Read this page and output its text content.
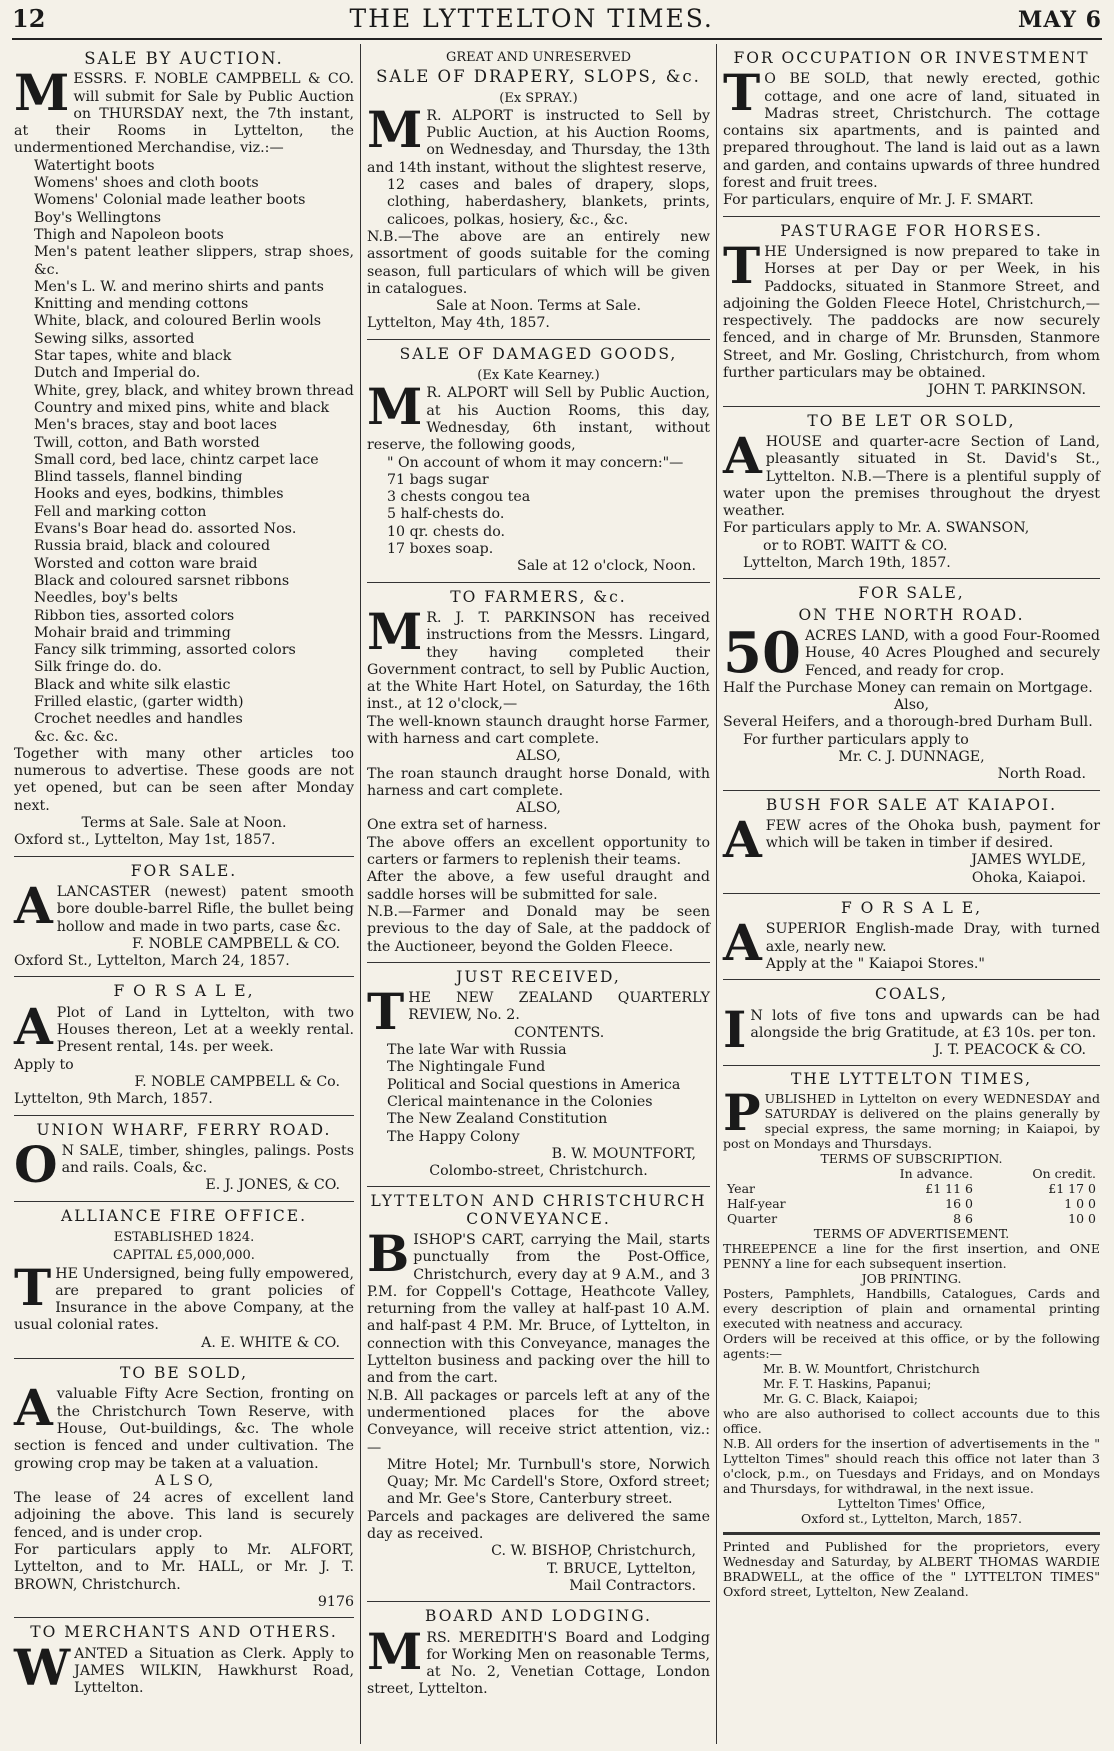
12	THE LYTTELTON TIMES.	MAY 6
SALE BY AUCTION.

MESSRS. F. NOBLE CAMPBELL & CO. will submit for Sale by Public Auction on THURSDAY next, the 7th instant, at their Rooms in Lyttelton, the undermentioned Merchandise, viz.:—

Watertight boots

Womens' shoes and cloth boots

Womens' Colonial made leather boots

Boy's Wellingtons

Thigh and Napoleon boots

Men's patent leather slippers, strap shoes, &c.

Men's L. W. and merino shirts and pants

Knitting and mending cottons

White, black, and coloured Berlin wools

Sewing silks, assorted

Star tapes, white and black

Dutch and Imperial do.

White, grey, black, and whitey brown thread

Country and mixed pins, white and black

Men's braces, stay and boot laces

Twill, cotton, and Bath worsted

Small cord, bed lace, chintz carpet lace

Blind tassels, flannel binding

Hooks and eyes, bodkins, thimbles

Fell and marking cotton

Evans's Boar head do. assorted Nos.

Russia braid, black and coloured

Worsted and cotton ware braid

Black and coloured sarsnet ribbons

Needles, boy's belts

Ribbon ties, assorted colors

Mohair braid and trimming

Fancy silk trimming, assorted colors

Silk fringe do. do.

Black and white silk elastic

Frilled elastic, (garter width)

Crochet needles and handles

&c. &c. &c.

Together with many other articles too numerous to advertise. These goods are not yet opened, but can be seen after Monday next.

Terms at Sale. Sale at Noon.

Oxford st., Lyttelton, May 1st, 1857.

FOR SALE.

ALANCASTER (newest) patent smooth bore double-barrel Rifle, the bullet being hollow and made in two parts, case &c.

F. NOBLE CAMPBELL & CO.

Oxford St., Lyttelton, March 24, 1857.

F O R S A L E,

A Plot of Land in Lyttelton, with two Houses thereon, Let at a weekly rental. Present rental, 14s. per week.

Apply to

F. NOBLE CAMPBELL & Co.

Lyttelton, 9th March, 1857.

UNION WHARF, FERRY ROAD.

O N SALE, timber, shingles, palings. Posts and rails. Coals, &c.

E. J. JONES, & CO.

ALLIANCE FIRE OFFICE.
ESTABLISHED 1824.
CAPITAL £5,000,000.

THE Undersigned, being fully empowered, are prepared to grant policies of Insurance in the above Company, at the usual colonial rates.

A. E. WHITE & CO.

TO BE SOLD,

Avaluable Fifty Acre Section, fronting on the Christchurch Town Reserve, with House, Out-buildings, &c. The whole section is fenced and under cultivation. The growing crop may be taken at a valuation.

A L S O,

The lease of 24 acres of excellent land adjoining the above. This land is securely fenced, and is under crop.

For particulars apply to Mr. ALFORT, Lyttelton, and to Mr. HALL, or Mr. J. T. BROWN, Christchurch.

9176

TO MERCHANTS AND OTHERS.

WANTED a Situation as Clerk. Apply to JAMES WILKIN, Hawkhurst Road, Lyttelton.

GREAT AND UNRESERVED
SALE OF DRAPERY, SLOPS, &c.
(Ex SPRAY.)

M R. ALPORT is instructed to Sell by Public Auction, at his Auction Rooms, on Wednesday, and Thursday, the 13th and 14th instant, without the slightest reserve,

12 cases and bales of drapery, slops, clothing, haberdashery, blankets, prints, calicoes, polkas, hosiery, &c., &c.

N.B.—The above are an entirely new assortment of goods suitable for the coming season, full particulars of which will be given in catalogues.

Sale at Noon. Terms at Sale.

Lyttelton, May 4th, 1857.

SALE OF DAMAGED GOODS,
(Ex Kate Kearney.)

M R. ALPORT will Sell by Public Auction, at his Auction Rooms, this day, Wednesday, 6th instant, without reserve, the following goods,

" On account of whom it may concern:"—

71 bags sugar

3 chests congou tea

5 half-chests do.

10 qr. chests do.

17 boxes soap.

Sale at 12 o'clock, Noon.

TO FARMERS, &c.

M R. J. T. PARKINSON has received instructions from the Messrs. Lingard, they having completed their Government contract, to sell by Public Auction, at the White Hart Hotel, on Saturday, the 16th inst., at 12 o'clock,—

The well-known staunch draught horse Farmer, with harness and cart complete.

ALSO,

The roan staunch draught horse Donald, with harness and cart complete.

ALSO,

One extra set of harness.

The above offers an excellent opportunity to carters or farmers to replenish their teams.

After the above, a few useful draught and saddle horses will be submitted for sale.

N.B.—Farmer and Donald may be seen previous to the day of Sale, at the paddock of the Auctioneer, beyond the Golden Fleece.

JUST RECEIVED,

THE NEW ZEALAND QUARTERLY REVIEW, No. 2.

CONTENTS.

The late War with Russia

The Nightingale Fund

Political and Social questions in America

Clerical maintenance in the Colonies

The New Zealand Constitution

The Happy Colony

B. W. MOUNTFORT,

Colombo-street, Christchurch.

LYTTELTON AND CHRISTCHURCH CONVEYANCE.

BISHOP'S CART, carrying the Mail, starts punctually from the Post-Office, Christchurch, every day at 9 A.M., and 3 P.M. for Coppell's Cottage, Heathcote Valley, returning from the valley at half-past 10 A.M. and half-past 4 P.M. Mr. Bruce, of Lyttelton, in connection with this Conveyance, manages the Lyttelton business and packing over the hill to and from the cart.

N.B. All packages or parcels left at any of the undermentioned places for the above Conveyance, will receive strict attention, viz.:—

Mitre Hotel; Mr. Turnbull's store, Norwich Quay; Mr. Mc Cardell's Store, Oxford street; and Mr. Gee's Store, Canterbury street.

Parcels and packages are delivered the same day as received.

C. W. BISHOP, Christchurch,

T. BRUCE, Lyttelton,

Mail Contractors.

BOARD AND LODGING.

MRS. MEREDITH'S Board and Lodging for Working Men on reasonable Terms, at No. 2, Venetian Cottage, London street, Lyttelton.

FOR OCCUPATION OR INVESTMENT

T O BE SOLD, that newly erected, gothic cottage, and one acre of land, situated in Madras street, Christchurch. The cottage contains six apartments, and is painted and prepared throughout. The land is laid out as a lawn and garden, and contains upwards of three hundred forest and fruit trees.

For particulars, enquire of Mr. J. F. SMART.

PASTURAGE FOR HORSES.

THE Undersigned is now prepared to take in Horses at per Day or per Week, in his Paddocks, situated in Stanmore Street, and adjoining the Golden Fleece Hotel, Christchurch,—respectively. The paddocks are now securely fenced, and in charge of Mr. Brunsden, Stanmore Street, and Mr. Gosling, Christchurch, from whom further particulars may be obtained.

JOHN T. PARKINSON.

TO BE LET OR SOLD,

AHOUSE and quarter-acre Section of Land, pleasantly situated in St. David's St., Lyttelton. N.B.—There is a plentiful supply of water upon the premises throughout the dryest weather.

For particulars apply to Mr. A. SWANSON,

or to ROBT. WAITT & CO.

Lyttelton, March 19th, 1857.

FOR SALE,
ON THE NORTH ROAD.

50 ACRES LAND, with a good Four-Roomed House, 40 Acres Ploughed and securely Fenced, and ready for crop.

Half the Purchase Money can remain on Mortgage.

Also,

Several Heifers, and a thorough-bred Durham Bull.

For further particulars apply to

Mr. C. J. DUNNAGE,

North Road.

BUSH FOR SALE AT KAIAPOI.

AFEW acres of the Ohoka bush, payment for which will be taken in timber if desired.

JAMES WYLDE,

Ohoka, Kaiapoi.

F O R S A L E,

ASUPERIOR English-made Dray, with turned axle, nearly new.

Apply at the " Kaiapoi Stores."

COALS,

I N lots of five tons and upwards can be had alongside the brig Gratitude, at £3 10s. per ton.

J. T. PEACOCK & CO.

THE LYTTELTON TIMES,

PUBLISHED in Lyttelton on every WEDNESDAY and SATURDAY is delivered on the plains generally by special express, the same morning; in Kaiapoi, by post on Mondays and Thursdays.

TERMS OF SUBSCRIPTION.

	In advance.	On credit.
Year	£1 11 6	£1 17 0
Half-year	16 0	1 0 0
Quarter	8 6	10 0

TERMS OF ADVERTISEMENT.

THREEPENCE a line for the first insertion, and ONE PENNY a line for each subsequent insertion.

JOB PRINTING.

Posters, Pamphlets, Handbills, Catalogues, Cards and every description of plain and ornamental printing executed with neatness and accuracy.

Orders will be received at this office, or by the following agents:—

Mr. B. W. Mountfort, Christchurch

Mr. F. T. Haskins, Papanui;

Mr. G. C. Black, Kaiapoi;

who are also authorised to collect accounts due to this office.

N.B. All orders for the insertion of advertisements in the " Lyttelton Times" should reach this office not later than 3 o'clock, p.m., on Tuesdays and Fridays, and on Mondays and Thursdays, for withdrawal, in the next issue.

Lyttelton Times' Office,

Oxford st., Lyttelton, March, 1857.

Printed and Published for the proprietors, every Wednesday and Saturday, by ALBERT THOMAS WARDIE BRADWELL, at the office of the " LYTTELTON TIMES" Oxford street, Lyttelton, New Zealand.
